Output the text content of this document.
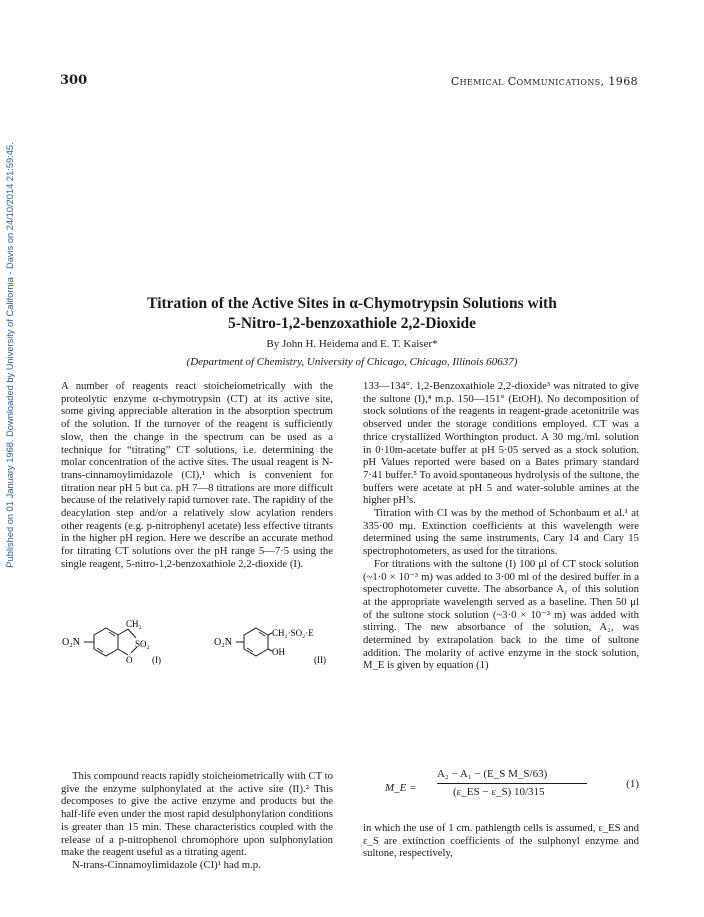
Published on 01 January 1968. Downloaded by University of California - Davis on 24/10/2014 21:59:45.
300	Chemical Communications, 1968
Titration of the Active Sites in α-Chymotrypsin Solutions with
5-Nitro-1,2-benzoxathiole 2,2-Dioxide
By John H. Heidema and E. T. Kaiser*
(Department of Chemistry, University of Chicago, Chicago, Illinois 60637)

A number of reagents react stoicheiometrically with the proteolytic enzyme α-chymotrypsin (CT) at its active site, some giving appreciable alteration in the absorption spectrum of the solution. If the turnover of the reagent is sufficiently slow, then the change in the spectrum can be used as a technique for “titrating” CT solutions, i.e. determining the molar concentration of the active sites. The usual reagent is N-trans-cinnamoylimidazole (CI),¹ which is convenient for titration near pH 5 but ca. pH 7—8 titrations are more difficult because of the relatively rapid turnover rate. The rapidity of the deacylation step and/or a relatively slow acylation renders other reagents (e.g. p-nitrophenyl acetate) less effective titrants in the higher pH region. Here we describe an accurate method for titrating CT solutions over the pH range 5—7·5 using the single reagent, 5-nitro-1,2-benzoxathiole 2,2-dioxide (I).

O₂N
CH₂
SO₂
O (I)
O₂N
CH₂·SO₂·E
OH
(II)

This compound reacts rapidly stoicheiometrically with CT to give the enzyme sulphonylated at the active site (II).² This decomposes to give the active enzyme and products but the half-life even under the most rapid desulphonylation conditions is greater than 15 min. These characteristics coupled with the release of a p-nitrophenol chromophore upon sulphonylation make the reagent useful as a titrating agent.

N-trans-Cinnamoylimidazole (CI)¹ had m.p.

133—134°. 1,2-Benzoxathiole 2,2-dioxide³ was nitrated to give the sultone (I),⁴ m.p. 150—151° (EtOH). No decomposition of stock solutions of the reagents in reagent-grade acetonitrile was observed under the storage conditions employed. CT was a thrice crystallized Worthington product. A 30 mg./ml. solution in 0·10m-acetate buffer at pH 5·05 served as a stock solution. pH Values reported were based on a Bates primary standard 7·41 buffer.⁵ To avoid spontaneous hydrolysis of the sultone, the buffers were acetate at pH 5 and water-soluble amines at the higher pH’s.

Titration with CI was by the method of Schonbaum et al.¹ at 335·00 mμ. Extinction coefficients at this wavelength were determined using the same instruments, Cary 14 and Cary 15 spectrophotometers, as used for the titrations.

For titrations with the sultone (I) 100 μl of CT stock solution (~1·0 × 10⁻³ m) was added to 3·00 ml of the desired buffer in a spectrophotometer cuvette. The absorbance A₁ of this solution at the appropriate wavelength served as a baseline. Then 50 μl of the sultone stock solution (~3·0 × 10⁻³ m) was added with stirring. The new absorbance of the solution, A₂, was determined by extrapolation back to the time of sultone addition. The molarity of active enzyme in the stock solution, M_E is given by equation (1)

M_E =
A₂ − A₁ − (E_S M_S/63)
(ε_ES − ε_S) 10/315
(1)

in which the use of 1 cm. pathlength cells is assumed, ε_ES and ε_S are extinction coefficients of the sulphonyl enzyme and sultone, respectively,
